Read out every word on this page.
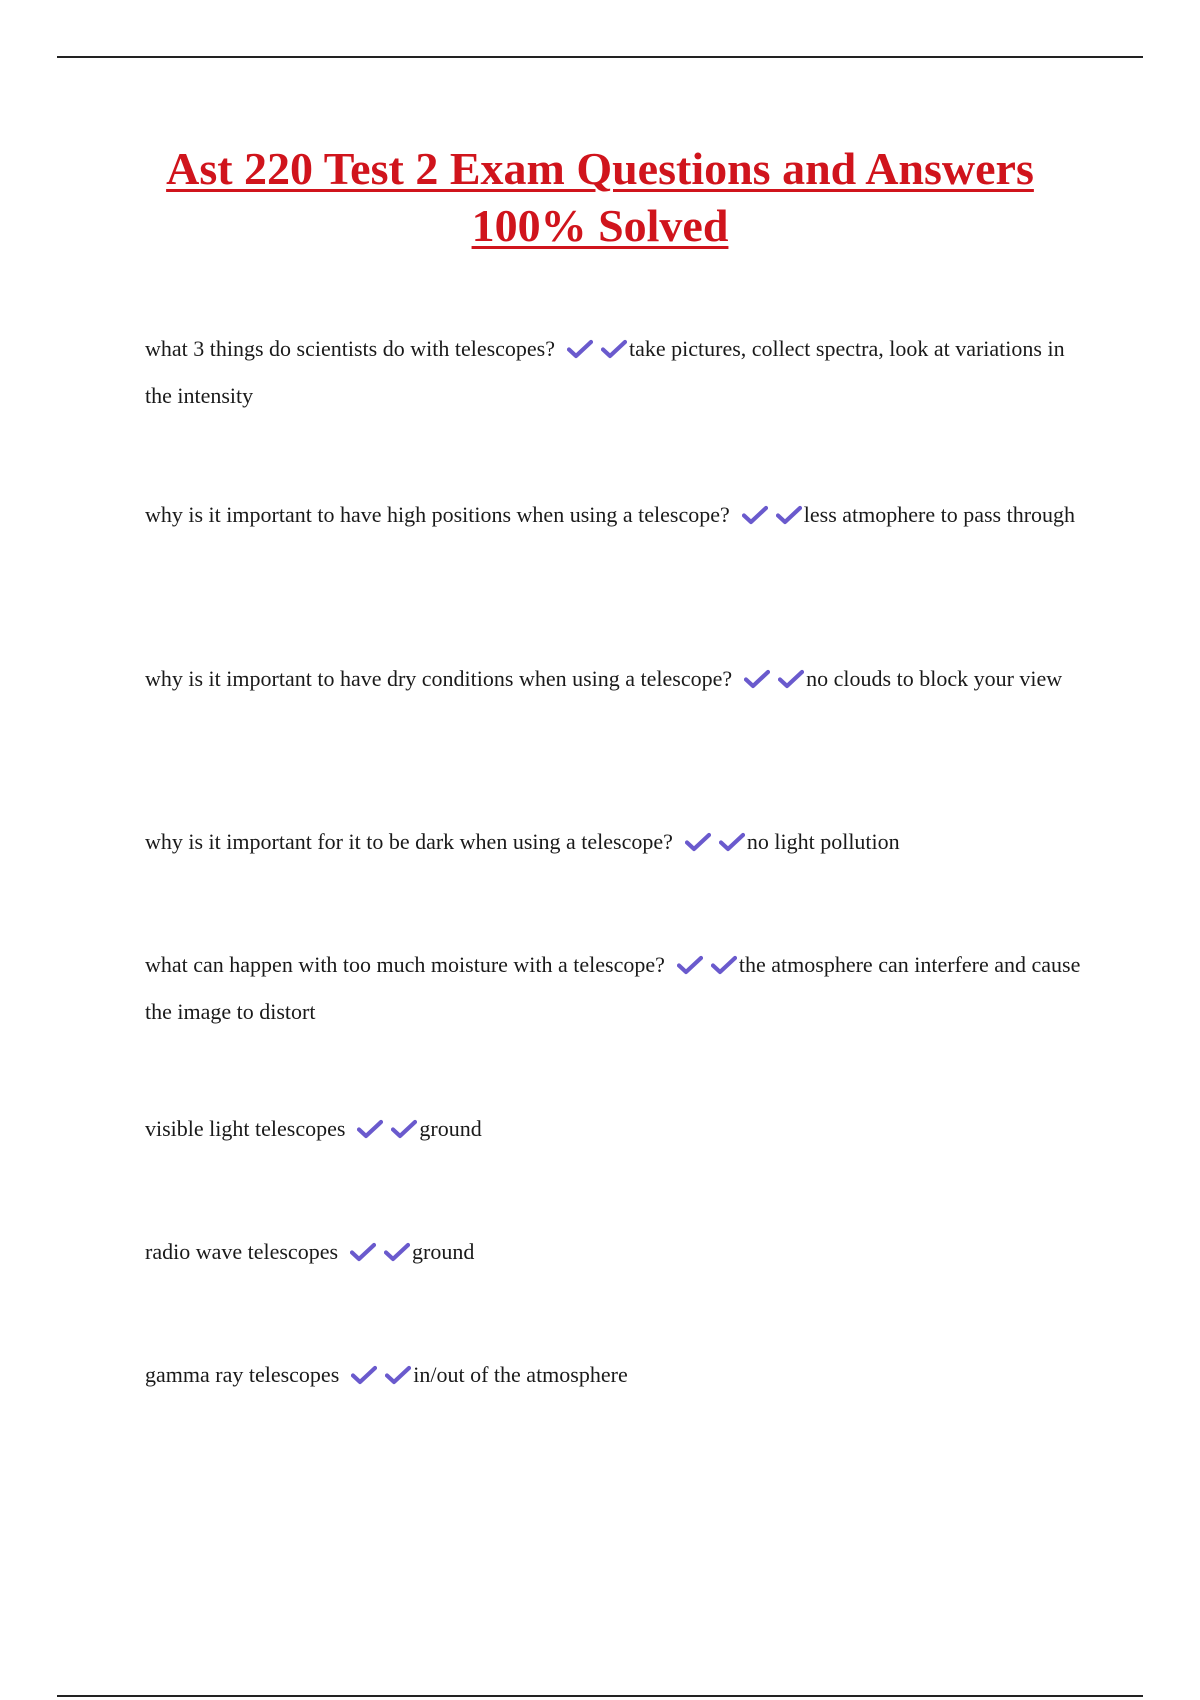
Ast 220 Test 2 Exam Questions and Answers
100% Solved

what 3 things do scientists do with telescopes?	take pictures, collect spectra, look at variations in the intensity

why is it important to have high positions when using a telescope?	less atmophere to pass through

why is it important to have dry conditions when using a telescope?	no clouds to block your view

why is it important for it to be dark when using a telescope?	no light pollution

what can happen with too much moisture with a telescope?	the atmosphere can interfere and cause the image to distort

visible light telescopes	ground

radio wave telescopes	ground

gamma ray telescopes	in/out of the atmosphere
